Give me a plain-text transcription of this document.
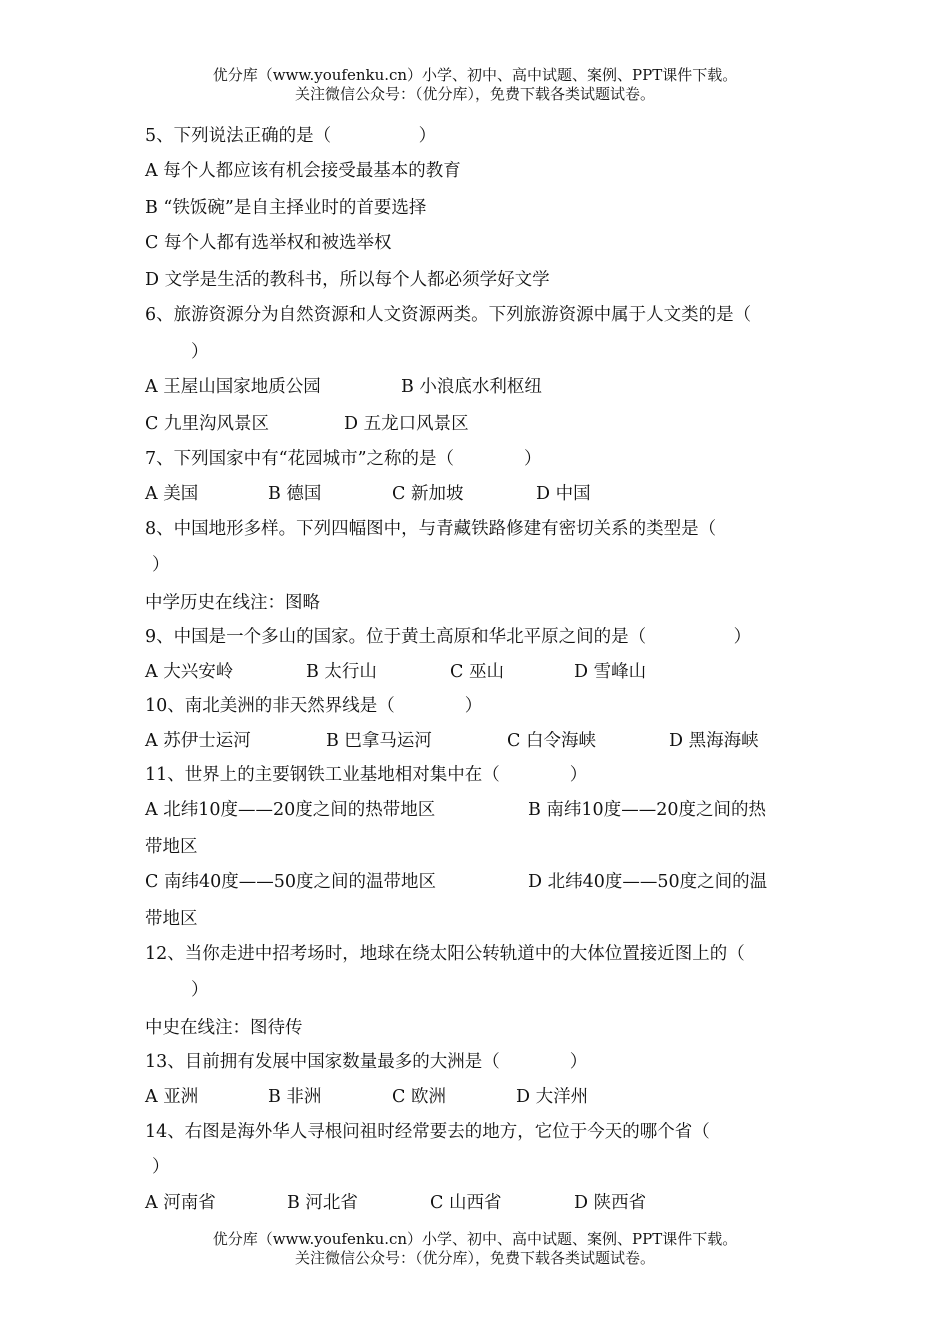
优分库（www.youfenku.cn）小学、初中、高中试题、案例、PPT课件下载。
关注微信公众号：（优分库），免费下载各类试题试卷。
5、下列说法正确的是（　　　　　）
A 每个人都应该有机会接受最基本的教育
B “铁饭碗”是自主择业时的首要选择
C 每个人都有选举权和被选举权
D 文学是生活的教科书，所以每个人都必须学好文学
6、旅游资源分为自然资源和人文资源两类。下列旅游资源中属于人文类的是（
）
A 王屋山国家地质公园	B 小浪底水利枢纽
C 九里沟风景区	D 五龙口风景区
7、下列国家中有“花园城市”之称的是（　　　　）
A 美国	B 德国	C 新加坡	D 中国
8、中国地形多样。下列四幅图中，与青藏铁路修建有密切关系的类型是（
）
中学历史在线注：图略
9、中国是一个多山的国家。位于黄土高原和华北平原之间的是（　　　　　）
A 大兴安岭	B 太行山	C 巫山	D 雪峰山
10、南北美洲的非天然界线是（　　　　）
A 苏伊士运河	B 巴拿马运河	C 白令海峡	D 黑海海峡
11、世界上的主要钢铁工业基地相对集中在（　　　　）
A 北纬10度——20度之间的热带地区	B 南纬10度——20度之间的热
带地区
C 南纬40度——50度之间的温带地区	D 北纬40度——50度之间的温
带地区
12、当你走进中招考场时，地球在绕太阳公转轨道中的大体位置接近图上的（
）
中史在线注：图待传
13、目前拥有发展中国家数量最多的大洲是（　　　　）
A 亚洲	B 非洲	C 欧洲	D 大洋州
14、右图是海外华人寻根问祖时经常要去的地方，它位于今天的哪个省（
）
A 河南省	B 河北省	C 山西省	D 陕西省
优分库（www.youfenku.cn）小学、初中、高中试题、案例、PPT课件下载。
关注微信公众号：（优分库），免费下载各类试题试卷。
